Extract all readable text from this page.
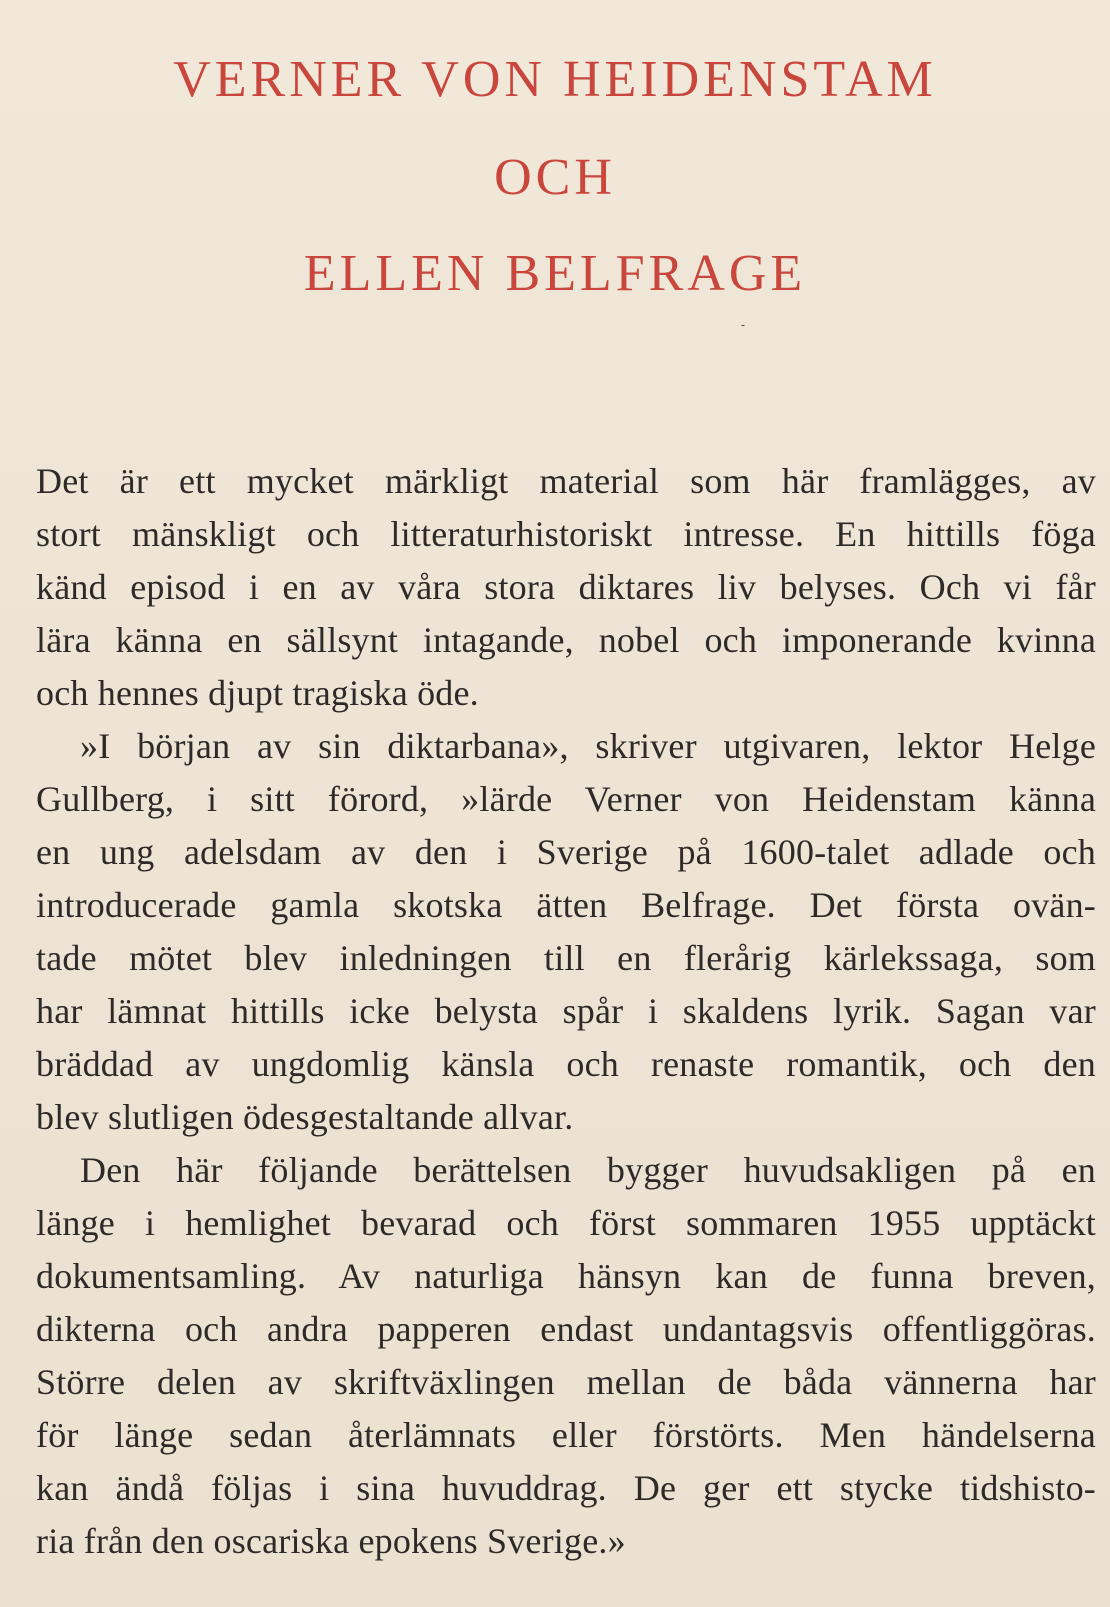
VERNER VON HEIDENSTAM
OCH
ELLEN BELFRAGE
-
Det är ett mycket märkligt material som här framlägges, av
stort mänskligt och litteraturhistoriskt intresse. En hittills föga
känd episod i en av våra stora diktares liv belyses. Och vi får
lära känna en sällsynt intagande, nobel och imponerande kvinna
och hennes djupt tragiska öde.
»I början av sin diktarbana», skriver utgivaren, lektor Helge
Gullberg, i sitt förord, »lärde Verner von Heidenstam känna
en ung adelsdam av den i Sverige på 1600-talet adlade och
introducerade gamla skotska ätten Belfrage. Det första ovän-
tade mötet blev inledningen till en flerårig kärlekssaga, som
har lämnat hittills icke belysta spår i skaldens lyrik. Sagan var
bräddad av ungdomlig känsla och renaste romantik, och den
blev slutligen ödesgestaltande allvar.
Den här följande berättelsen bygger huvudsakligen på en
länge i hemlighet bevarad och först sommaren 1955 upptäckt
dokumentsamling. Av naturliga hänsyn kan de funna breven,
dikterna och andra papperen endast undantagsvis offentliggöras.
Större delen av skriftväxlingen mellan de båda vännerna har
för länge sedan återlämnats eller förstörts. Men händelserna
kan ändå följas i sina huvuddrag. De ger ett stycke tidshisto-
ria från den oscariska epokens Sverige.»
